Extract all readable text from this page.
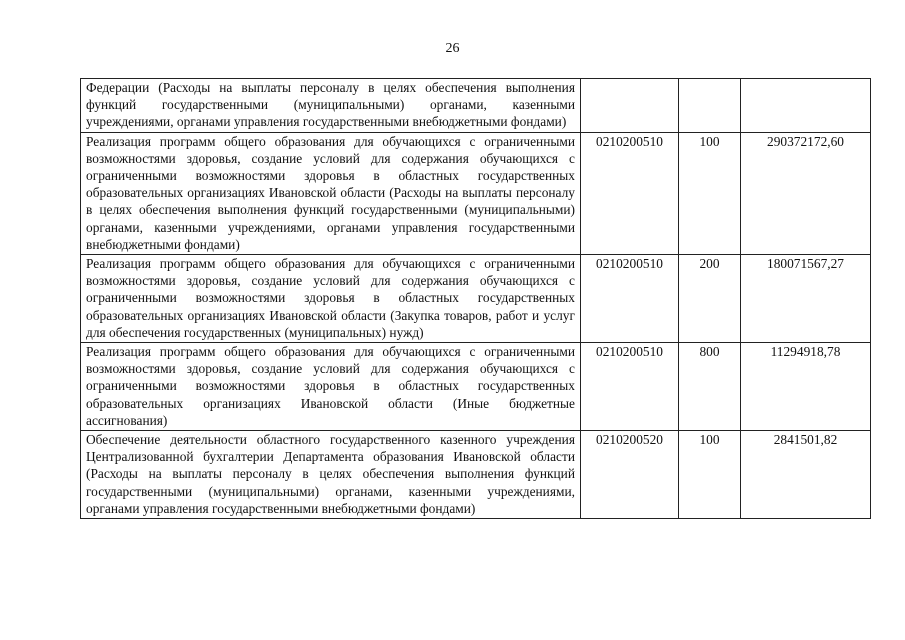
26
Федерации (Расходы на выплаты персоналу в целях обеспечения выполнения функций государственными (муниципальными) органами, казенными учреждениями, органами управления государственными внебюджетными фондами)			
Реализация программ общего образования для обучающихся с ограниченными возможностями здоровья, создание условий для содержания обучающихся с ограниченными возможностями здоровья в областных государственных образовательных организациях Ивановской области (Расходы на выплаты персоналу в целях обеспечения выполнения функций государственными (муниципальными) органами, казенными учреждениями, органами управления государственными внебюджетными фондами)	0210200510	100	290372172,60
Реализация программ общего образования для обучающихся с ограниченными возможностями здоровья, создание условий для содержания обучающихся с ограниченными возможностями здоровья в областных государственных образовательных организациях Ивановской области (Закупка товаров, работ и услуг для обеспечения государственных (муниципальных) нужд)	0210200510	200	180071567,27
Реализация программ общего образования для обучающихся с ограниченными возможностями здоровья, создание условий для содержания обучающихся с ограниченными возможностями здоровья в областных государственных образовательных организациях Ивановской области (Иные бюджетные ассигнования)	0210200510	800	11294918,78
Обеспечение деятельности областного государственного казенного учреждения Централизованной бухгалтерии Департамента образования Ивановской области (Расходы на выплаты персоналу в целях обеспечения выполнения функций государственными (муниципальными) органами, казенными учреждениями, органами управления государственными внебюджетными фондами)	0210200520	100	2841501,82
